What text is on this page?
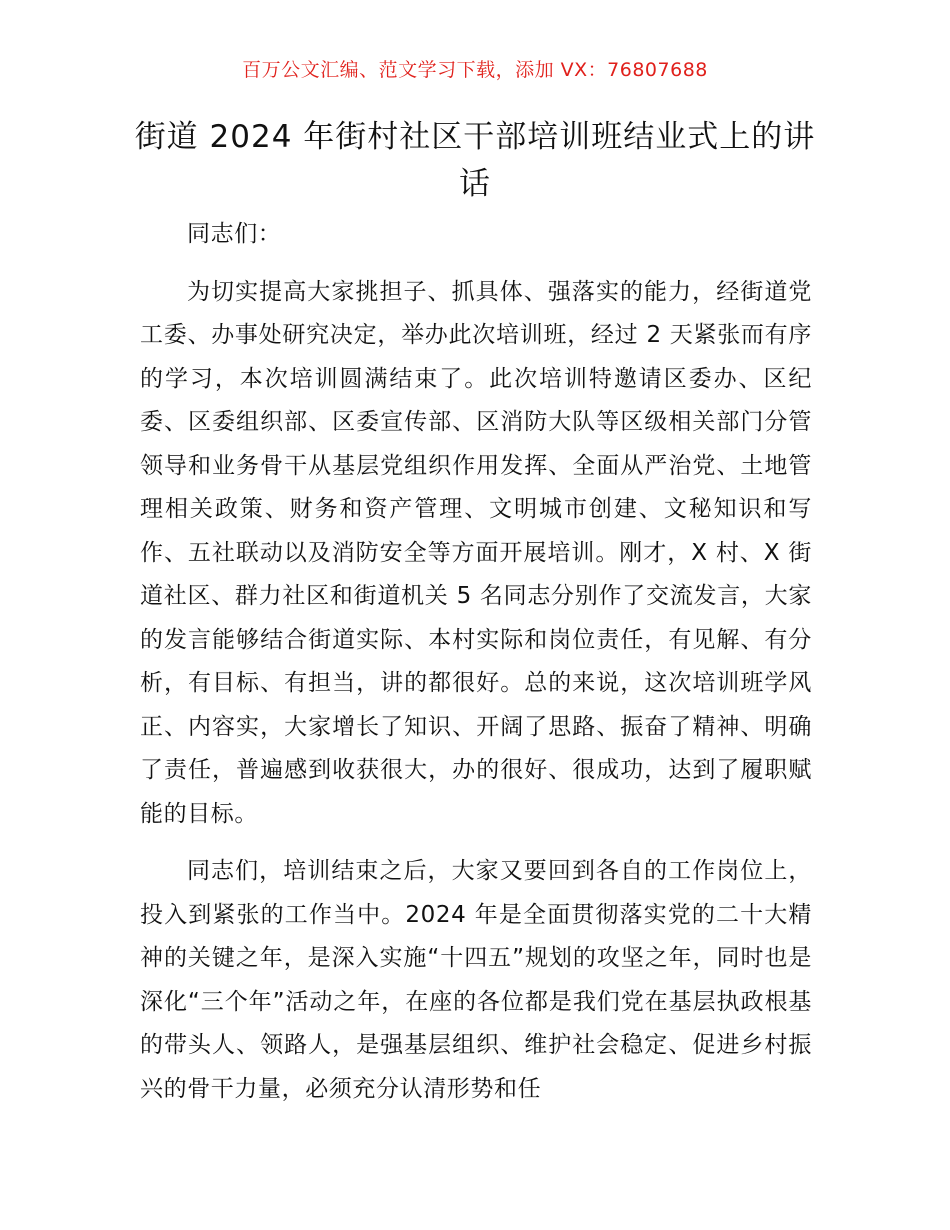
百万公文汇编、范文学习下载，添加 VX：76807688
街道 2024 年街村社区干部培训班结业式上的讲话

同志们：

为切实提高大家挑担子、抓具体、强落实的能力，经街道党工委、办事处研究决定，举办此次培训班，经过 2 天紧张而有序的学习，本次培训圆满结束了。此次培训特邀请区委办、区纪委、区委组织部、区委宣传部、区消防大队等区级相关部门分管领导和业务骨干从基层党组织作用发挥、全面从严治党、土地管理相关政策、财务和资产管理、文明城市创建、文秘知识和写作、五社联动以及消防安全等方面开展培训。刚才，X 村、X 街道社区、群力社区和街道机关 5 名同志分别作了交流发言，大家的发言能够结合街道实际、本村实际和岗位责任，有见解、有分析，有目标、有担当，讲的都很好。总的来说，这次培训班学风正、内容实，大家增长了知识、开阔了思路、振奋了精神、明确了责任，普遍感到收获很大，办的很好、很成功，达到了履职赋能的目标。

同志们，培训结束之后，大家又要回到各自的工作岗位上，投入到紧张的工作当中。2024 年是全面贯彻落实党的二十大精神的关键之年，是深入实施“十四五”规划的攻坚之年，同时也是深化“三个年”活动之年，在座的各位都是我们党在基层执政根基的带头人、领路人，是强基层组织、维护社会稳定、促进乡村振兴的骨干力量，必须充分认清形势和任
